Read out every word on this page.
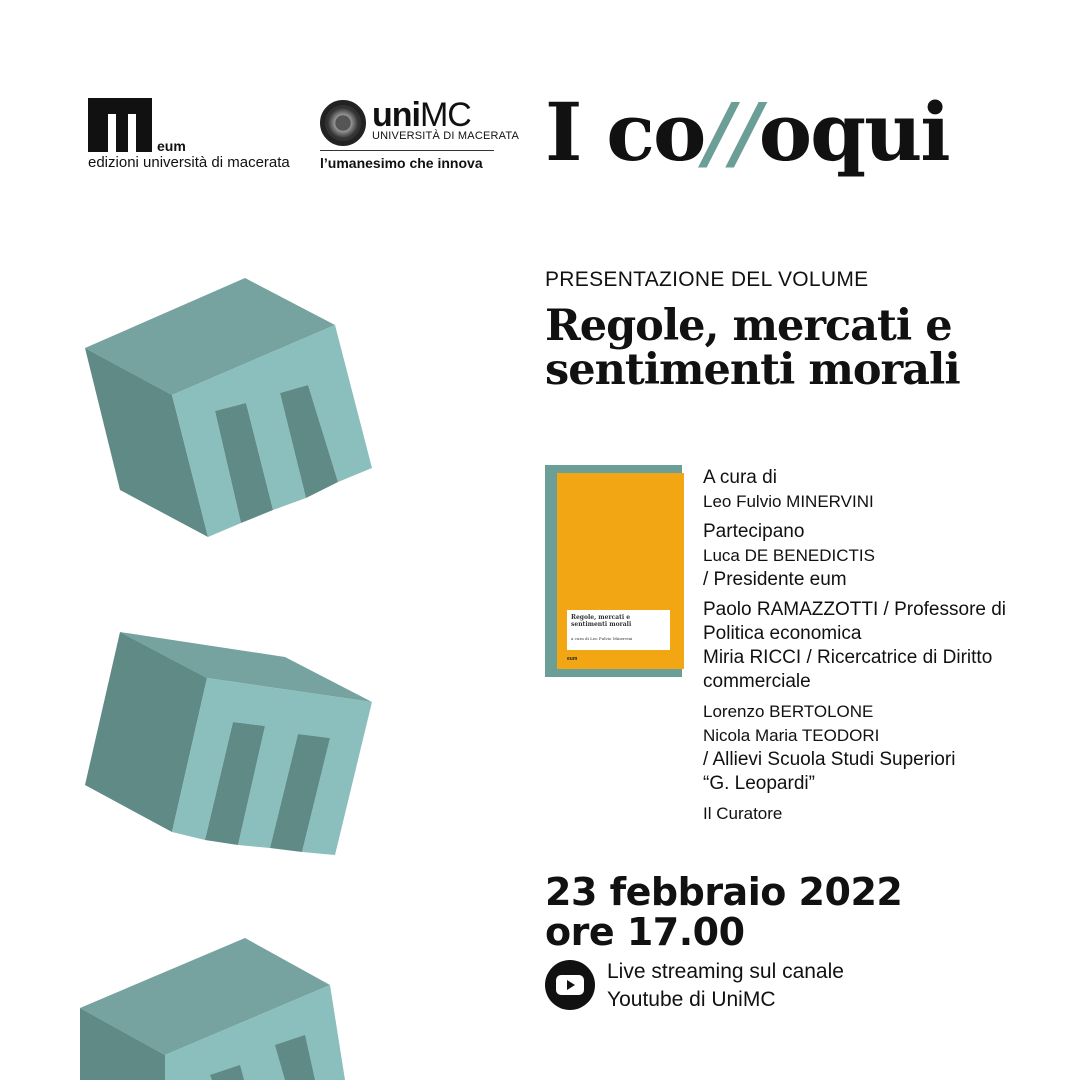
eum
edizioni università di macerata
uniMC
UNIVERSITÀ DI MACERATA
l’umanesimo che innova I co//oqui
PRESENTAZIONE DEL VOLUME
Regole, mercati e sentimenti morali
Regole, mercati e sentimenti morali
a cura di Leo Fulvio Minervini
eum
A cura di
Leo Fulvio MINERVINI
Partecipano
Luca DE BENEDICTIS
/ Presidente eum
Paolo RAMAZZOTTI / Professore di
Politica economica
Miria RICCI / Ricercatrice di Diritto
commerciale
Lorenzo BERTOLONE
Nicola Maria TEODORI
/ Allievi Scuola Studi Superiori
“G. Leopardi”
Il Curatore
23 febbraio 2022
ore 17.00
Live streaming sul canale
Youtube di UniMC
